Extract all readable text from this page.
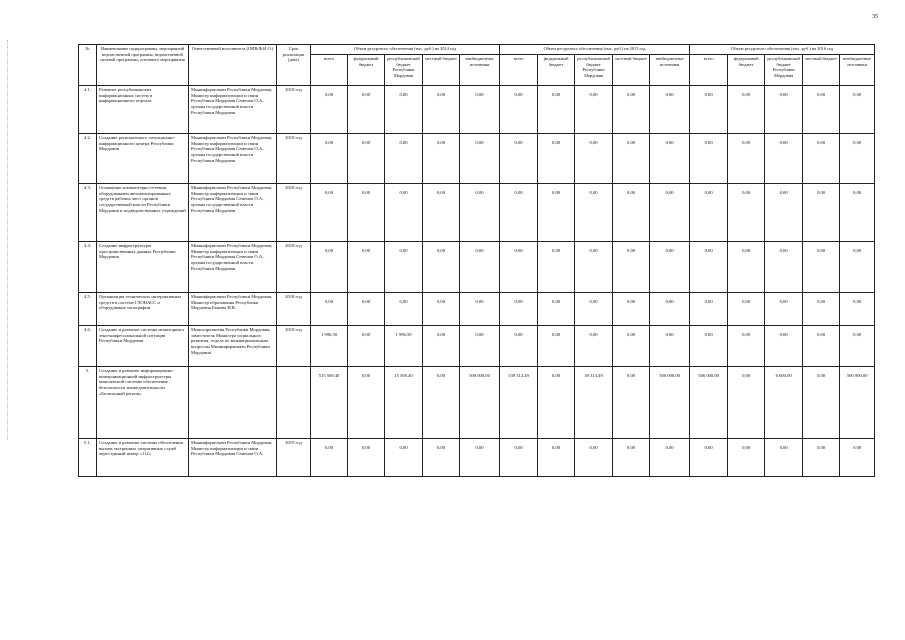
35
№	Наименование подпрограммы, мероприятий ведомственной программы, ведомственной целевой программы, основного мероприятия	Ответственный исполнитель (ОИВ/Ф.И.О.)	Срок реализации (дата)	Объем ресурсного обеспечения (тыс. руб.) на 2014 год					Объем ресурсного обеспечения (тыс. руб.) на 2015 год					Объем ресурсного обеспечения (тыс. руб.) на 2016 год				
				всего	федеральный бюджет	республиканский бюджет Республики Мордовия	местный бюджет	внебюджетные источники	всего	федеральный бюджет	республиканский бюджет Республики Мордовия	местный бюджет	внебюджетные источники	всего	федеральный бюджет	республиканский бюджет Республики Мордовия	местный бюджет	внебюджетные источники
4.1.	Развитие республиканских информационных систем и информационного портала	Мининформсвязи Республики Мордовия, Министр информатизации и связи Республики Мордовия Семенов О.А., органы государственной власти Республики Мордовия	2018 год	0,00	0,00	0,00	0,00	0,00	0,00	0,00	0,00	0,00	0,00	0,00	0,00	0,00	0,00	0,00
4.2.	Создание регионального ситуационно-информационного центра Республики Мордовия	Мининформсвязи Республики Мордовия, Министр информатизации и связи Республики Мордовия Семенов О.А., органы государственной власти Республики Мордовия	2018 год	0,00	0,00	0,00	0,00	0,00	0,00	0,00	0,00	0,00	0,00	0,00	0,00	0,00	0,00	0,00
4.3.	Оснащение компьютерно-сетевым оборудованием автоматизированных средств рабочих мест органов государственной власти Республики Мордовия и подведомственных учреждений	Мининформсвязи Республики Мордовия, Министр информатизации и связи Республики Мордовия Семенов О.А., органы государственной власти Республики Мордовия	2018 год	0,00	0,00	0,00	0,00	0,00	0,00	0,00	0,00	0,00	0,00	0,00	0,00	0,00	0,00	0,00
4.4.	Создание инфраструктуры пространственных данных Республики Мордовия	Мининформсвязи Республики Мордовия, Министр информатизации и связи Республики Мордовия Семенов О.А., органы государственной власти Республики Мордовия	2018 год	0,00	0,00	0,00	0,00	0,00	0,00	0,00	0,00	0,00	0,00	0,00	0,00	0,00	0,00	0,00
4.5.	Организация технических интерактивных средств в системе ГЛОНАСС и оборудование топографии	Мининформсвязи Республики Мордовия, Министр образования Республики Мордовия Быкова Н.В.	2018 год	0,00	0,00	0,00	0,00	0,00	0,00	0,00	0,00	0,00	0,00	0,00	0,00	0,00	0,00	0,00
4.6.	Создание и развитие системы мониторинга этно-конфессиональной ситуации Республики Мордовия	Минсоцразвития Республики Мордовия, заместитель Министра социального развития, отдела по межнациональным вопросам Мининформсвязи Республики Мордовия	2018 год	1 996,50	0,00	1 996,50	0,00	0,00	0,00	0,00	0,00	0,00	0,00	0,00	0,00	0,00	0,00	0,00
5.	Создание и развитие информационно-коммуникационной инфраструктуры комплексной системы обеспечения безопасности жизнедеятельности «Безопасный регион»			515 569,40	0,00	15 569,40	0,00	500 000,00	539 313,49	0,00	39 313,49	0,00	500 000,00	506 000,00	0,00	6 000,00	0,00	500 000,00
5.1.	Создание и развитие системы обеспечения вызова экстренных оперативных служб через единый номер «112»	Мининформсвязи Республики Мордовия, Министр информатизации и связи Республики Мордовия Семенов О.А.	2019 год	0,00	0,00	0,00	0,00	0,00	0,00	0,00	0,00	0,00	0,00	0,00	0,00	0,00	0,00	0,00
